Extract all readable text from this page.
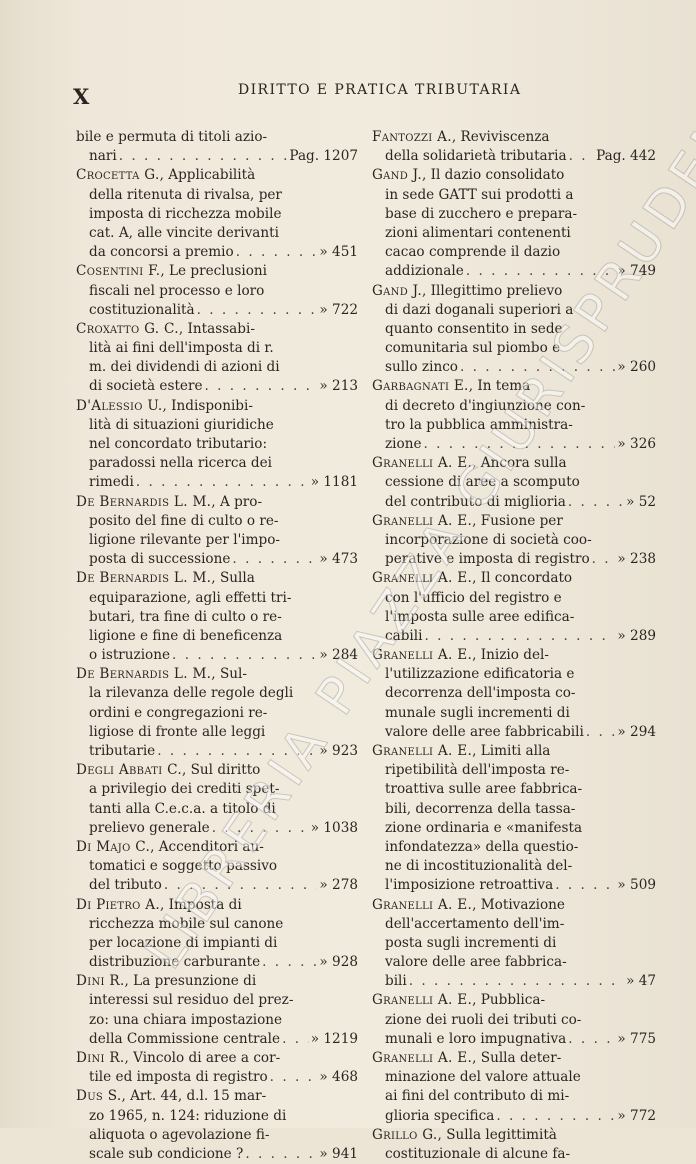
X	DIRITTO E PRATICA TRIBUTARIA
bile e permuta di titoli azio-
nari . . .	Pag. 1207
Crocetta G., Applicabilità
della ritenuta di rivalsa, per
imposta di ricchezza mobile
cat. A, alle vincite derivanti
da concorsi a premio . . .	» 451
Cosentini F., Le preclusioni
fiscali nel processo e loro
costituzionalità . . .	» 722
Croxatto G. C., Intassabi-
lità ai fini dell'imposta di r.
m. dei dividendi di azioni di
di società estere . . .	» 213
D'Alessio U., Indisponibi-
lità di situazioni giuridiche
nel concordato tributario:
paradossi nella ricerca dei
rimedi . . .	» 1181
De Bernardis L. M., A pro-
posito del fine di culto o re-
ligione rilevante per l'impo-
posta di successione . . .	» 473
De Bernardis L. M., Sulla
equiparazione, agli effetti tri-
butari, tra fine di culto o re-
ligione e fine di beneficenza
o istruzione . . .	» 284
De Bernardis L. M., Sul-
la rilevanza delle regole degli
ordini e congregazioni re-
ligiose di fronte alle leggi
tributarie . . .	» 923
Degli Abbati C., Sul diritto
a privilegio dei crediti spet-
tanti alla C.e.c.a. a titolo di
prelievo generale . . .	» 1038
Di Majo C., Accenditori au-
tomatici e soggetto passivo
del tributo . . .	» 278
Di Pietro A., Imposta di
ricchezza mobile sul canone
per locazione di impianti di
distribuzione carburante . . .	» 928
Dini R., La presunzione di
interessi sul residuo del prez-
zo: una chiara impostazione
della Commissione centrale . . . » 1219
Dini R., Vincolo di aree a cor-
tile ed imposta di registro . . .	» 468
Dus S., Art. 44, d.l. 15 mar-
zo 1965, n. 124: riduzione di
aliquota o agevolazione fi-
scale sub condicione ? . . .	» 941
Fantozzi A., Reviviscenza
della solidarietà tributaria . . . Pag. 442
Gand J., Il dazio consolidato
in sede GATT sui prodotti a
base di zucchero e prepara-
zioni alimentari contenenti
cacao comprende il dazio
addizionale . . .	» 749
Gand J., Illegittimo prelievo
di dazi doganali superiori a
quanto consentito in sede
comunitaria sul piombo e
sullo zinco . . .	» 260
Garbagnati E., In tema
di decreto d'ingiunzione con-
tro la pubblica amministra-
zione . . .	» 326
Granelli A. E., Ancora sulla
cessione di aree a scomputo
del contributo di miglioria . . .	» 52
Granelli A. E., Fusione per
incorporazione di società coo-
perative e imposta di registro . . . » 238
Granelli A. E., Il concordato
con l'ufficio del registro e
l'imposta sulle aree edifica-
cabili . . .	» 289
Granelli A. E., Inizio del-
l'utilizzazione edificatoria e
decorrenza dell'imposta co-
munale sugli incrementi di
valore delle aree fabbricabili . . . » 294
Granelli A. E., Limiti alla
ripetibilità dell'imposta re-
troattiva sulle aree fabbrica-
bili, decorrenza della tassa-
zione ordinaria e «manifesta
infondatezza» della questio-
ne di incostituzionalità del-
l'imposizione retroattiva . . .	» 509
Granelli A. E., Motivazione
dell'accertamento dell'im-
posta sugli incrementi di
valore delle aree fabbrica-
bili . . .	» 47
Granelli A. E., Pubblica-
zione dei ruoli dei tributi co-
munali e loro impugnativa . . .	» 775
Granelli A. E., Sulla deter-
minazione del valore attuale
ai fini del contributo di mi-
glioria specifica . . .	» 772
Grillo G., Sulla legittimità
costituzionale di alcune fa-
